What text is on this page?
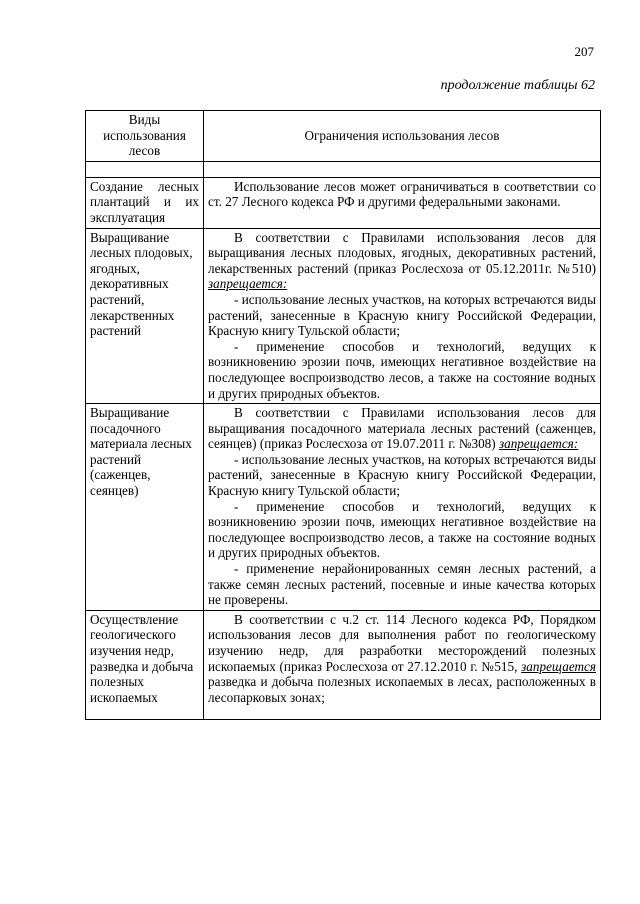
207
продолжение таблицы 62
Виды использования лесов	Ограничения использования лесов

Создание лесных плантаций и их эксплуатация	Использование лесов может ограничиваться в соответствии со ст. 27 Лесного кодекса РФ и другими федеральными законами.

Выращивание лесных плодовых, ягодных, декоративных растений, лекарственных растений	В соответствии с Правилами использования лесов для выращивания лесных плодовых, ягодных, декоративных растений, лекарственных растений (приказ Рослесхоза от 05.12.2011г. №510) запрещается:

- использование лесных участков, на которых встречаются виды растений, занесенные в Красную книгу Российской Федерации, Красную книгу Тульской области;

- применение способов и технологий, ведущих к возникновению эрозии почв, имеющих негативное воздействие на последующее воспроизводство лесов, а также на состояние водных и других природных объектов.

Выращивание посадочного материала лесных растений (саженцев, сеянцев)	В соответствии с Правилами использования лесов для выращивания посадочного материала лесных растений (саженцев, сеянцев) (приказ Рослесхоза от 19.07.2011 г. №308) запрещается:

- использование лесных участков, на которых встречаются виды растений, занесенные в Красную книгу Российской Федерации, Красную книгу Тульской области;

- применение способов и технологий, ведущих к возникновению эрозии почв, имеющих негативное воздействие на последующее воспроизводство лесов, а также на состояние водных и других природных объектов.

- применение нерайонированных семян лесных растений, а также семян лесных растений, посевные и иные качества которых не проверены.

Осуществление геологического изучения недр, разведка и добыча полезных ископаемых	В соответствии с ч.2 ст. 114 Лесного кодекса РФ, Порядком использования лесов для выполнения работ по геологическому изучению недр, для разработки месторождений полезных ископаемых (приказ Рослесхоза от 27.12.2010 г. №515, запрещается разведка и добыча полезных ископаемых в лесах, расположенных в лесопарковых зонах;
